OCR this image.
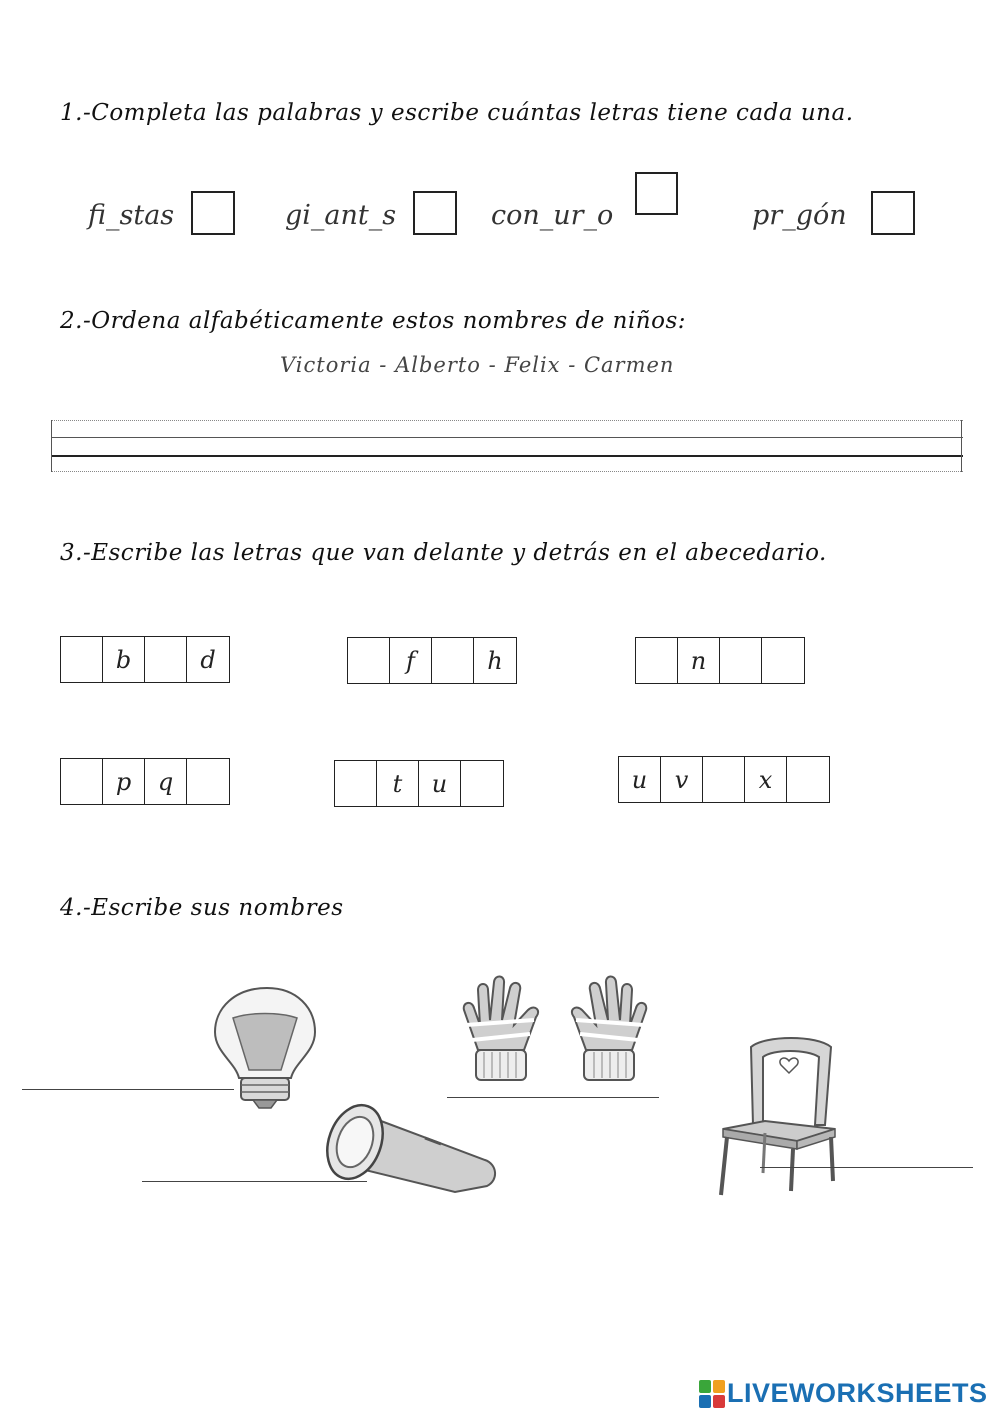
1.-Completa las palabras y escribe cuántas letras tiene cada una.
fi_stas	gi_ant_s	con_ur_o	pr_gón
2.-Ordena alfabéticamente estos nombres de niños:
Victoria - Alberto - Felix - Carmen
3.-Escribe las letras que van delante y detrás en el abecedario.
b	d	f	h	n
p	q	t	u	u	v	x
4.-Escribe sus nombres
LIVEWORKSHEETS
